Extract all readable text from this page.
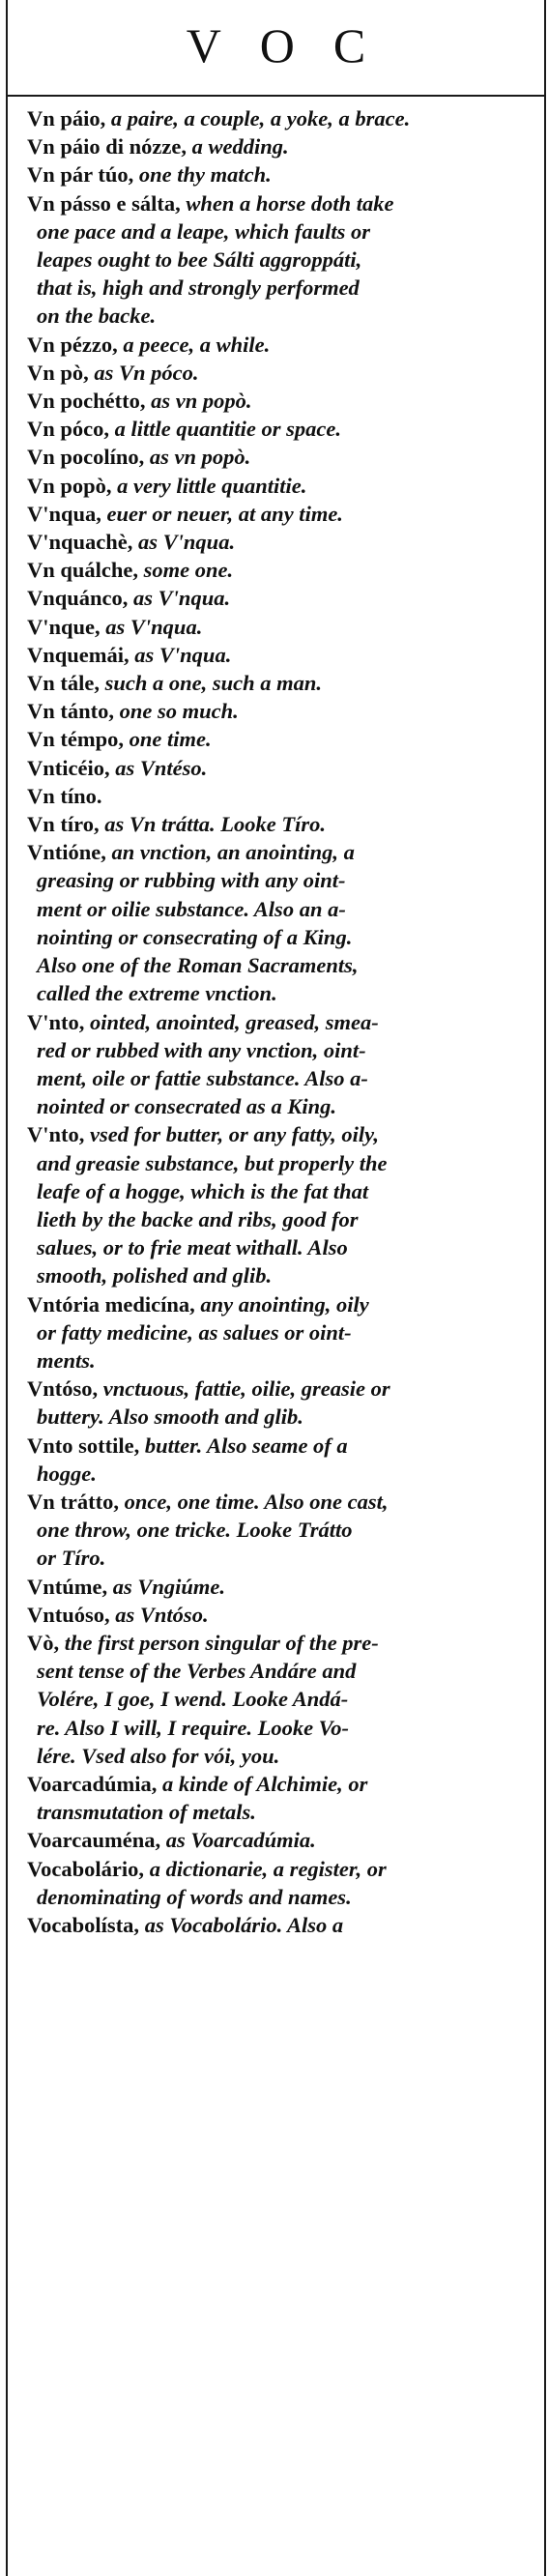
VOC
Vn páio, a paire, a couple, a yoke, a brace.
Vn páio di nózze, a wedding.
Vn pár túo, one thy match.
Vn pásso e sálta, when a horse doth take
one pace and a leape, which faults or
leapes ought to bee Sálti aggroppáti,
that is, high and strongly performed
on the backe.
Vn pézzo, a peece, a while.
Vn pò, as Vn póco.
Vn pochétto, as vn popò.
Vn póco, a little quantitie or space.
Vn pocolíno, as vn popò.
Vn popò, a very little quantitie.
V'nqua, euer or neuer, at any time.
V'nquachè, as V'nqua.
Vn quálche, some one.
Vnquánco, as V'nqua.
V'nque, as V'nqua.
Vnquemái, as V'nqua.
Vn tále, such a one, such a man.
Vn tánto, one so much.
Vn témpo, one time.
Vnticéio, as Vntéso.
Vn tíno.
Vn tíro, as Vn trátta. Looke Tíro.
Vntióne, an vnction, an anointing, a
greasing or rubbing with any oint-
ment or oilie substance. Also an a-
nointing or consecrating of a King.
Also one of the Roman Sacraments,
called the extreme vnction.
V'nto, ointed, anointed, greased, smea-
red or rubbed with any vnction, oint-
ment, oile or fattie substance. Also a-
nointed or consecrated as a King.
V'nto, vsed for butter, or any fatty, oily,
and greasie substance, but properly the
leafe of a hogge, which is the fat that
lieth by the backe and ribs, good for
salues, or to frie meat withall. Also
smooth, polished and glib.
Vntória medicína, any anointing, oily
or fatty medicine, as salues or oint-
ments.
Vntóso, vnctuous, fattie, oilie, greasie or
buttery. Also smooth and glib.
Vnto sottile, butter. Also seame of a
hogge.
Vn trátto, once, one time. Also one cast,
one throw, one tricke. Looke Trátto
or Tíro.
Vntúme, as Vngiúme.
Vntuóso, as Vntóso.
Vò, the first person singular of the pre-
sent tense of the Verbes Andáre and
Volére, I goe, I wend. Looke Andá-
re. Also I will, I require. Looke Vo-
lére. Vsed also for vói, you.
Voarcadúmia, a kinde of Alchimie, or
transmutation of metals.
Voarcauména, as Voarcadúmia.
Vocabolário, a dictionarie, a register, or
denominating of words and names.
Vocabolísta, as Vocabolário. Also a
